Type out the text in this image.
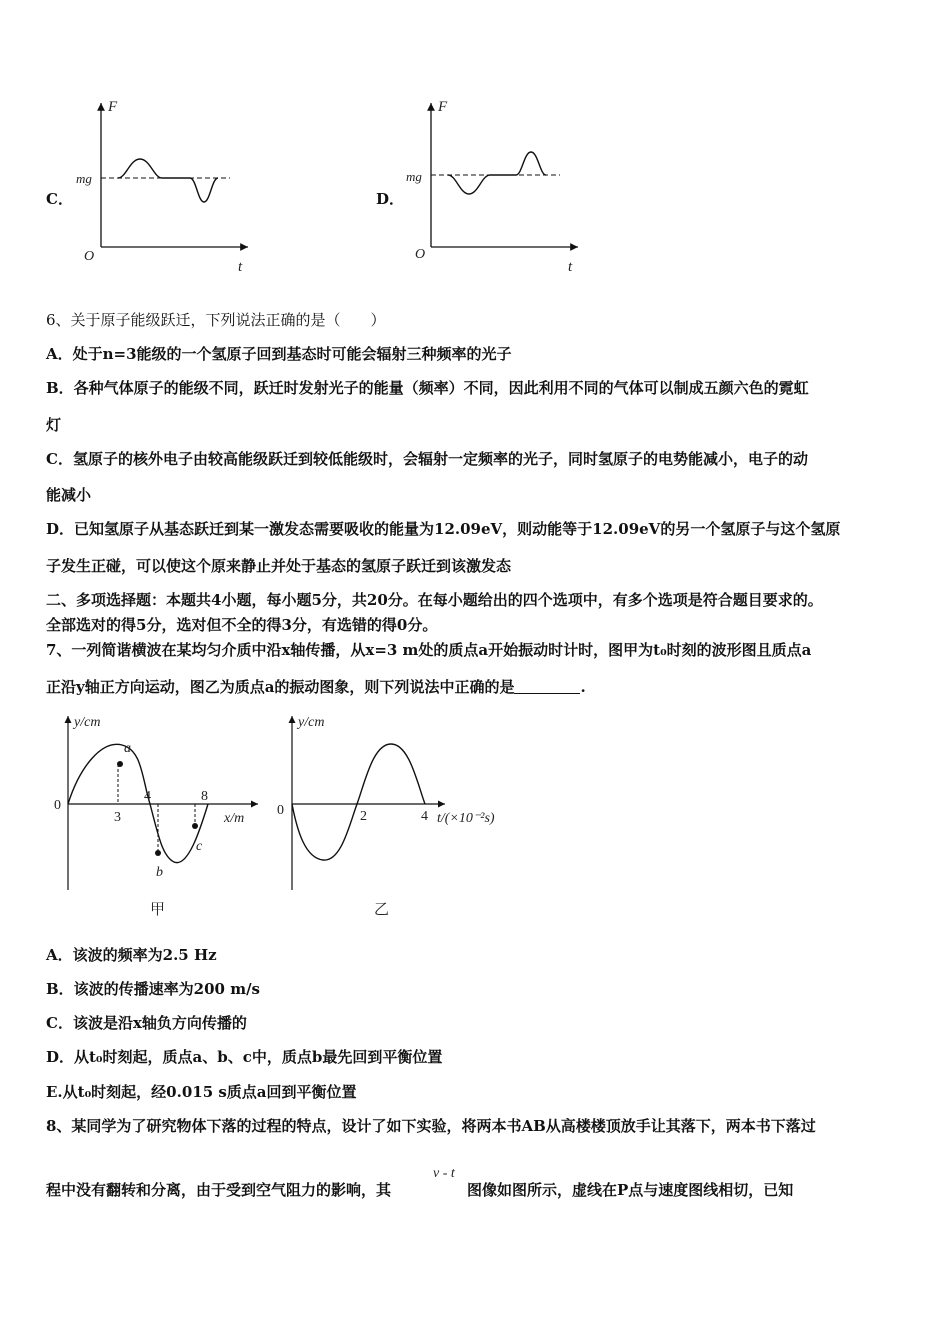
C．
F
mg
O
t
D．
F
mg
O
t
6、关于原子能级跃迁，下列说法正确的是（　　）
A．处于n=3能级的一个氢原子回到基态时可能会辐射三种频率的光子
B．各种气体原子的能级不同，跃迁时发射光子的能量（频率）不同，因此利用不同的气体可以制成五颜六色的霓虹
灯
C．氢原子的核外电子由较高能级跃迁到较低能级时，会辐射一定频率的光子，同时氢原子的电势能减小，电子的动
能减小
D．已知氢原子从基态跃迁到某一激发态需要吸收的能量为12.09eV，则动能等于12.09eV的另一个氢原子与这个氢原
子发生正碰，可以使这个原来静止并处于基态的氢原子跃迁到该激发态
二、多项选择题：本题共4小题，每小题5分，共20分。在每小题给出的四个选项中，有多个选项是符合题目要求的。
全部选对的得5分，选对但不全的得3分，有选错的得0分。
7、一列简谐横波在某均匀介质中沿x轴传播，从x=3 m处的质点a开始振动时计时，图甲为t₀时刻的波形图且质点a
正沿y轴正方向运动，图乙为质点a的振动图象，则下列说法中正确的是	.
y/cm
x/m
0
3
4	8
a
b
c
甲
y/cm
t/(×10⁻²s)
0	2	4
乙
A．该波的频率为2.5 Hz
B．该波的传播速率为200 m/s
C．该波是沿x轴负方向传播的
D．从t₀时刻起，质点a、b、c中，质点b最先回到平衡位置
E.从t₀时刻起，经0.015 s质点a回到平衡位置
8、某同学为了研究物体下落的过程的特点，设计了如下实验，将两本书AB从高楼楼顶放手让其落下，两本书下落过
程中没有翻转和分离，由于受到空气阻力的影响，其
v - t
图像如图所示，虚线在P点与速度图线相切，已知
